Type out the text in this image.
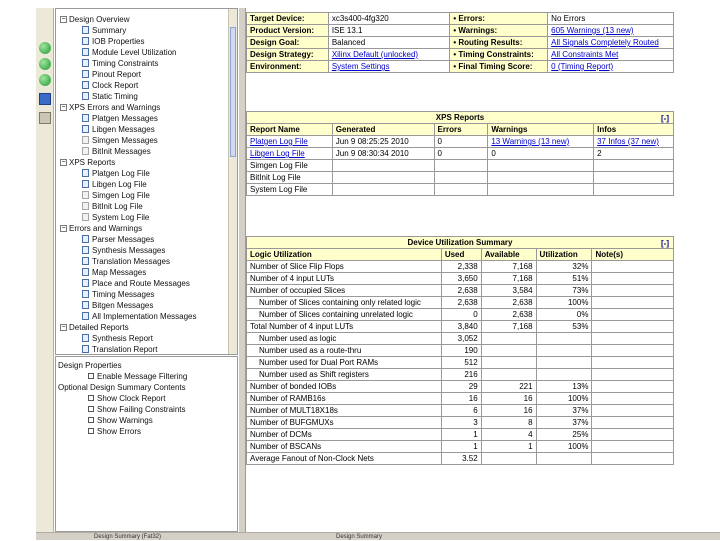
− Design Overview
Summary
IOB Properties
Module Level Utilization
Timing Constraints
Pinout Report
Clock Report
Static Timing
− XPS Errors and Warnings
Platgen Messages
Libgen Messages
Simgen Messages
BitInit Messages
− XPS Reports
Platgen Log File
Libgen Log File
Simgen Log File
BitInit Log File
System Log File
− Errors and Warnings
Parser Messages
Synthesis Messages
Translation Messages
Map Messages
Place and Route Messages
Timing Messages
Bitgen Messages
All Implementation Messages
− Detailed Reports
Synthesis Report
Translation Report
Design Properties
Enable Message Filtering
Optional Design Summary Contents
Show Clock Report
Show Failing Constraints
Show Warnings
Show Errors
Target Device:	xc3s400-4fg320	• Errors:	No Errors
Product Version:	ISE 13.1	• Warnings:	605 Warnings (13 new)
Design Goal:	Balanced	• Routing Results:	All Signals Completely Routed
Design Strategy:	Xilinx Default (unlocked)	• Timing Constraints:	All Constraints Met
Environment:	System Settings	• Final Timing Score:	0 (Timing Report)
XPS Reports [-]				

Report Name	Generated	Errors	Warnings	Infos
Platgen Log File	Jun 9 08:25:25 2010	0	13 Warnings (13 new)	37 Infos (37 new)
Libgen Log File	Jun 9 08:30:34 2010	0	0	2
Simgen Log File				
BitInit Log File				
System Log File				
Device Utilization Summary [-]				

Logic Utilization	Used	Available	Utilization	Note(s)
Number of Slice Flip Flops	2,338	7,168	32%	
Number of 4 input LUTs	3,650	7,168	51%	
Number of occupied Slices	2,638	3,584	73%	
Number of Slices containing only related logic	2,638	2,638	100%	
Number of Slices containing unrelated logic	0	2,638	0%	
Total Number of 4 input LUTs	3,840	7,168	53%	
Number used as logic	3,052			
Number used as a route-thru	190			
Number used for Dual Port RAMs	512			
Number used as Shift registers	216			
Number of bonded IOBs	29	221	13%	
Number of RAMB16s	16	16	100%	
Number of MULT18X18s	6	16	37%	
Number of BUFGMUXs	3	8	37%	
Number of DCMs	1	4	25%	
Number of BSCANs	1	1	100%	
Average Fanout of Non-Clock Nets	3.52			
Design Summary (Fat32)	Design Summary
